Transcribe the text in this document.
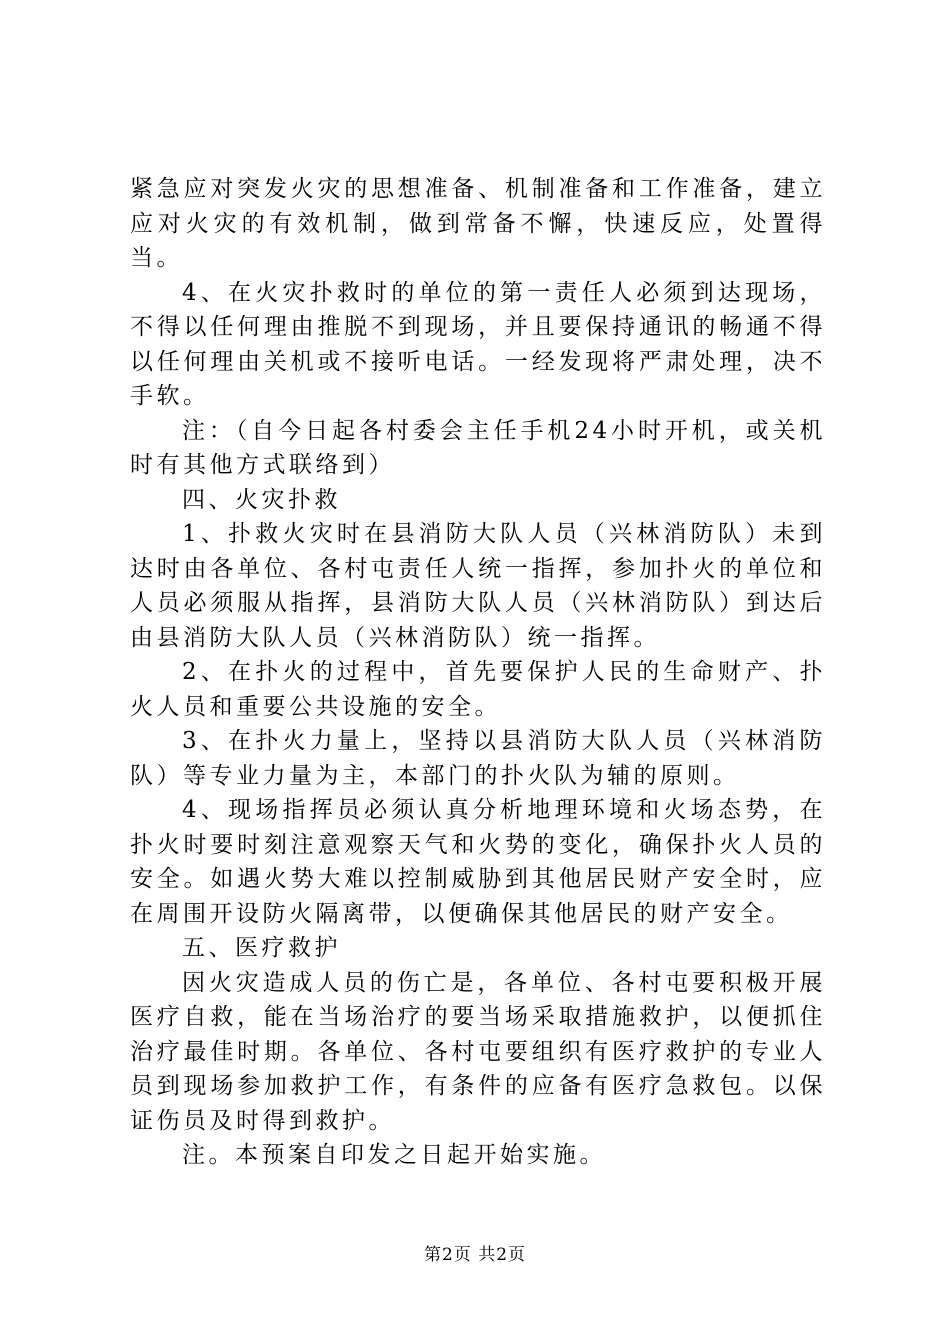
紧急应对突发火灾的思想准备、机制准备和工作准备，建立应对火灾的有效机制，做到常备不懈，快速反应，处置得当。

4、在火灾扑救时的单位的第一责任人必须到达现场，不得以任何理由推脱不到现场，并且要保持通讯的畅通不得以任何理由关机或不接听电话。一经发现将严肃处理，决不手软。

注：（自今日起各村委会主任手机24小时开机，或关机时有其他方式联络到）

四、火灾扑救

1、扑救火灾时在县消防大队人员（兴林消防队）未到达时由各单位、各村屯责任人统一指挥，参加扑火的单位和人员必须服从指挥，县消防大队人员（兴林消防队）到达后由县消防大队人员（兴林消防队）统一指挥。

2、在扑火的过程中，首先要保护人民的生命财产、扑火人员和重要公共设施的安全。

3、在扑火力量上，坚持以县消防大队人员（兴林消防队）等专业力量为主，本部门的扑火队为辅的原则。

4、现场指挥员必须认真分析地理环境和火场态势，在扑火时要时刻注意观察天气和火势的变化，确保扑火人员的安全。如遇火势大难以控制威胁到其他居民财产安全时，应在周围开设防火隔离带，以便确保其他居民的财产安全。

五、医疗救护

因火灾造成人员的伤亡是，各单位、各村屯要积极开展医疗自救，能在当场治疗的要当场采取措施救护，以便抓住治疗最佳时期。各单位、各村屯要组织有医疗救护的专业人员到现场参加救护工作，有条件的应备有医疗急救包。以保证伤员及时得到救护。

注。本预案自印发之日起开始实施。

第2页 共2页
